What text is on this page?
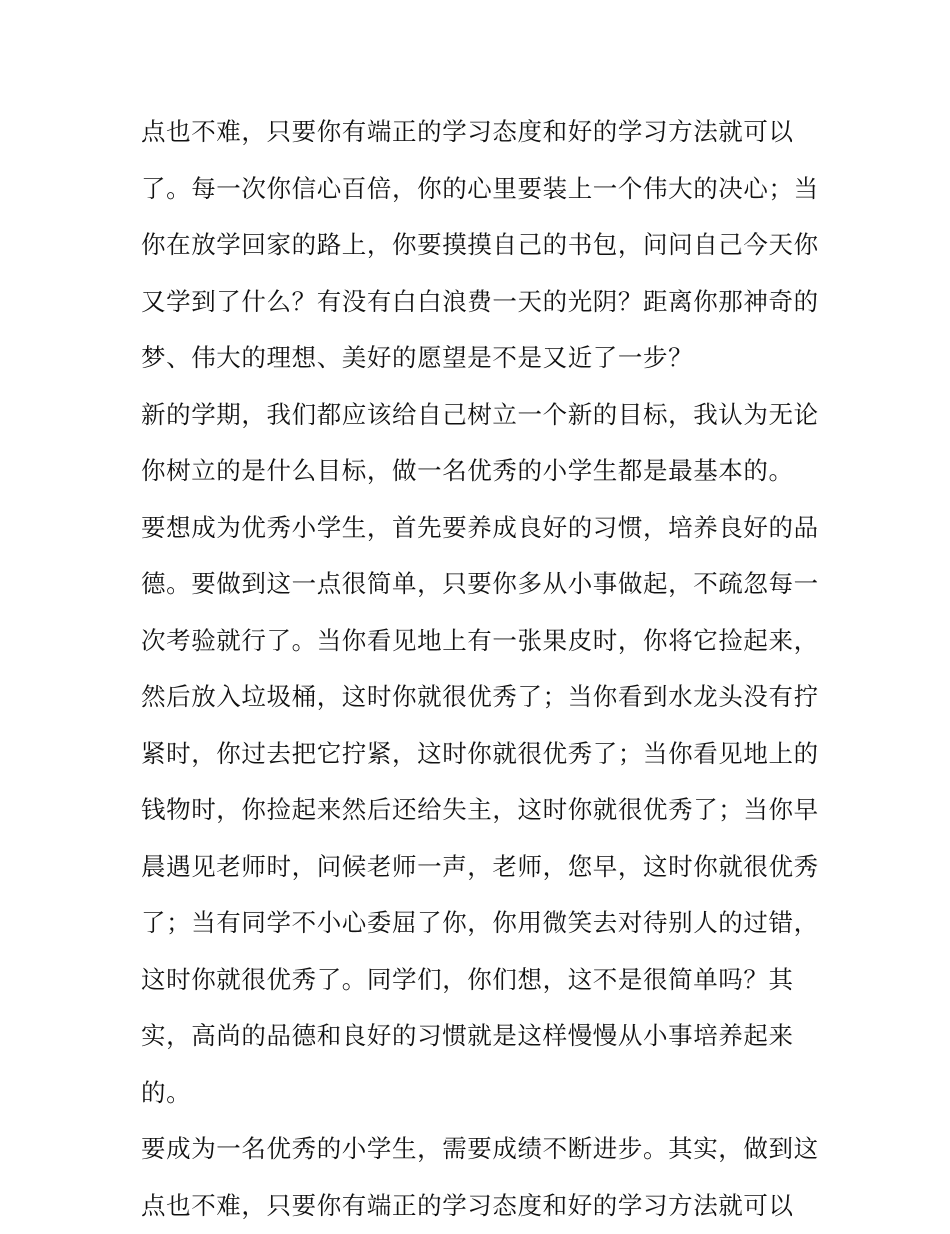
点也不难，只要你有端正的学习态度和好的学习方法就可以
了。每一次你信心百倍，你的心里要装上一个伟大的决心；当
你在放学回家的路上，你要摸摸自己的书包，问问自己今天你
又学到了什么？有没有白白浪费一天的光阴？距离你那神奇的
梦、伟大的理想、美好的愿望是不是又近了一步？
新的学期，我们都应该给自己树立一个新的目标，我认为无论
你树立的是什么目标，做一名优秀的小学生都是最基本的。
要想成为优秀小学生，首先要养成良好的习惯，培养良好的品
德。要做到这一点很简单，只要你多从小事做起，不疏忽每一
次考验就行了。当你看见地上有一张果皮时，你将它捡起来，
然后放入垃圾桶，这时你就很优秀了；当你看到水龙头没有拧
紧时，你过去把它拧紧，这时你就很优秀了；当你看见地上的
钱物时，你捡起来然后还给失主，这时你就很优秀了；当你早
晨遇见老师时，问候老师一声，老师，您早，这时你就很优秀
了；当有同学不小心委屈了你，你用微笑去对待别人的过错，
这时你就很优秀了。同学们，你们想，这不是很简单吗？其
实，高尚的品德和良好的习惯就是这样慢慢从小事培养起来
的。
要成为一名优秀的小学生，需要成绩不断进步。其实，做到这
点也不难，只要你有端正的学习态度和好的学习方法就可以
